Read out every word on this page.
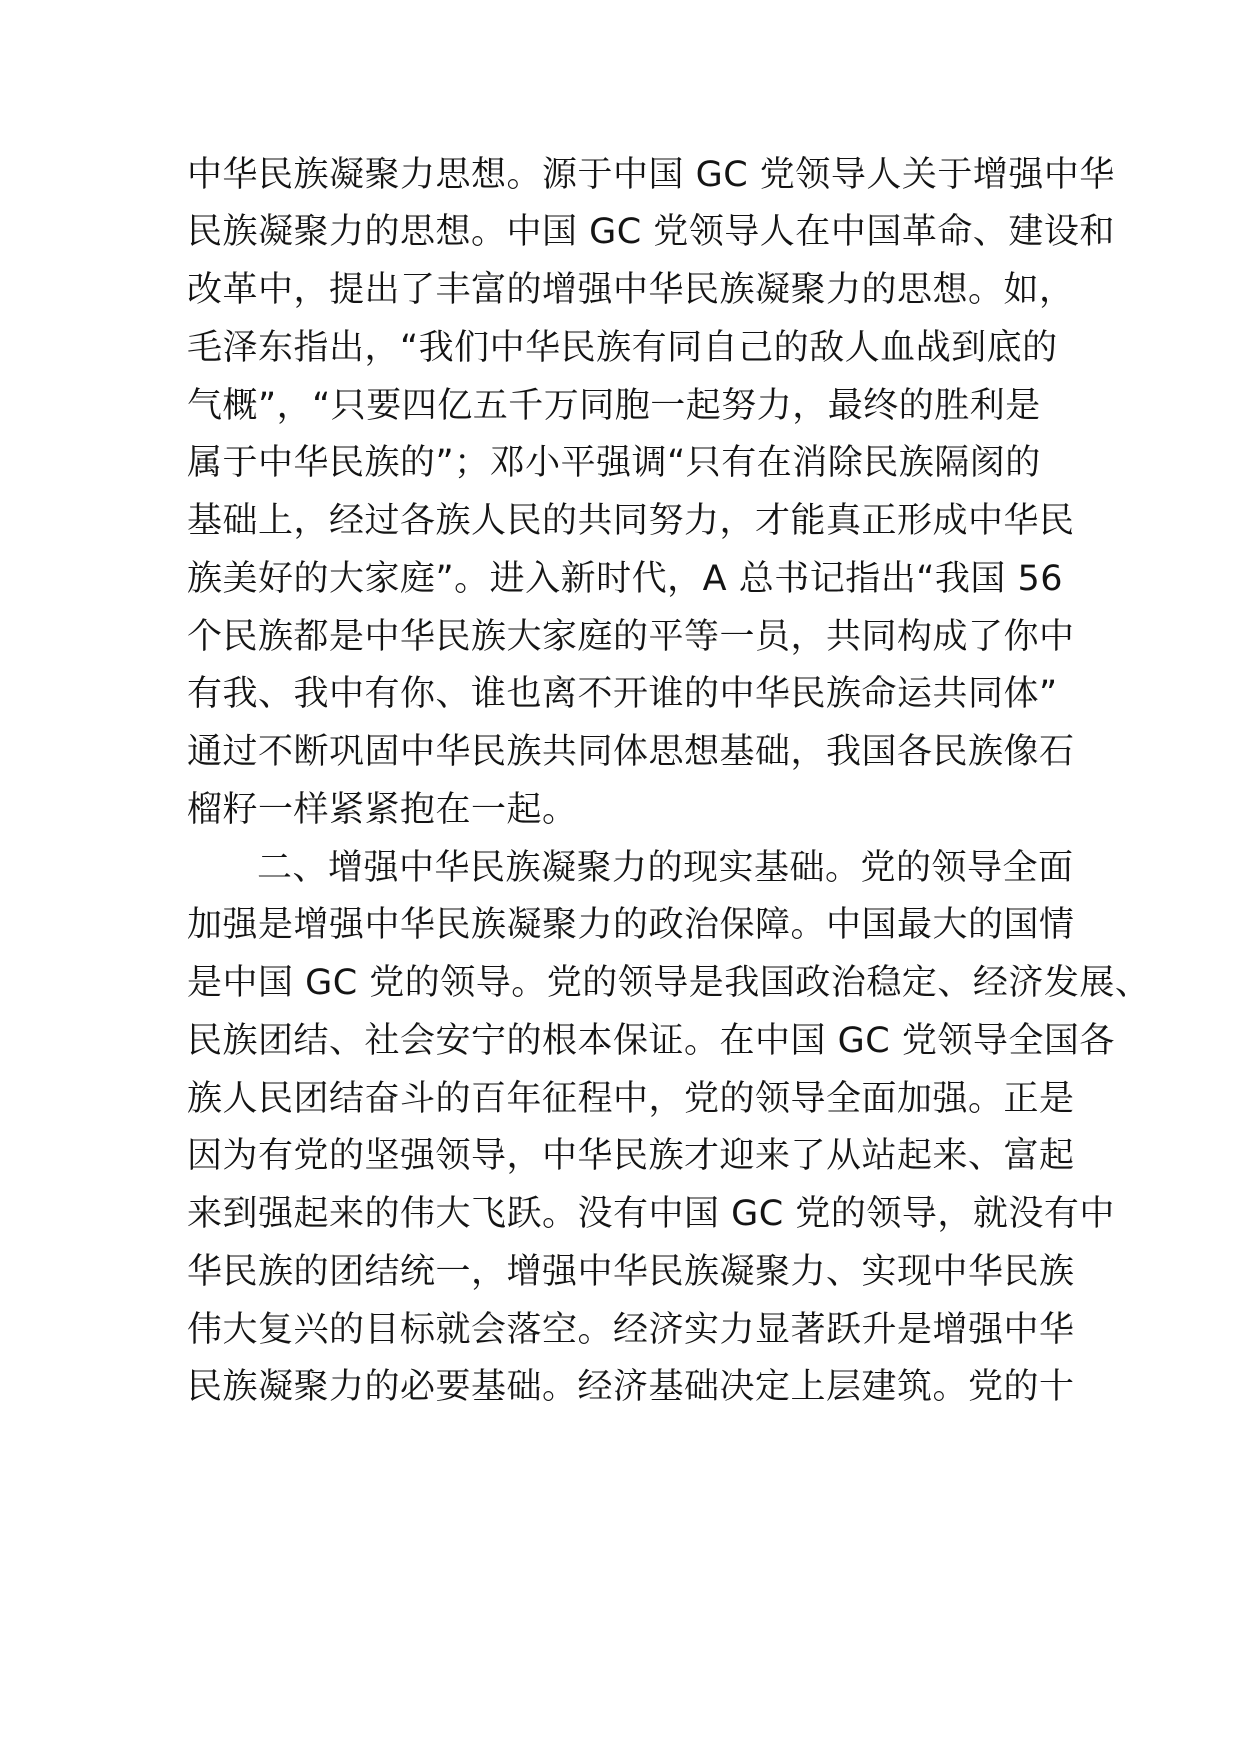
中华民族凝聚力思想。源于中国 GC 党领导人关于增强中华
民族凝聚力的思想。中国 GC 党领导人在中国革命、建设和
改革中，提出了丰富的增强中华民族凝聚力的思想。如，
毛泽东指出，“我们中华民族有同自己的敌人血战到底的
气概”，“只要四亿五千万同胞一起努力，最终的胜利是
属于中华民族的”；邓小平强调“只有在消除民族隔阂的
基础上，经过各族人民的共同努力，才能真正形成中华民
族美好的大家庭”。进入新时代，A 总书记指出“我国 56
个民族都是中华民族大家庭的平等一员，共同构成了你中
有我、我中有你、谁也离不开谁的中华民族命运共同体”
通过不断巩固中华民族共同体思想基础，我国各民族像石
榴籽一样紧紧抱在一起。
二、增强中华民族凝聚力的现实基础。党的领导全面
加强是增强中华民族凝聚力的政治保障。中国最大的国情
是中国 GC 党的领导。党的领导是我国政治稳定、经济发展、
民族团结、社会安宁的根本保证。在中国 GC 党领导全国各
族人民团结奋斗的百年征程中，党的领导全面加强。正是
因为有党的坚强领导，中华民族才迎来了从站起来、富起
来到强起来的伟大飞跃。没有中国 GC 党的领导，就没有中
华民族的团结统一，增强中华民族凝聚力、实现中华民族
伟大复兴的目标就会落空。经济实力显著跃升是增强中华
民族凝聚力的必要基础。经济基础决定上层建筑。党的十
